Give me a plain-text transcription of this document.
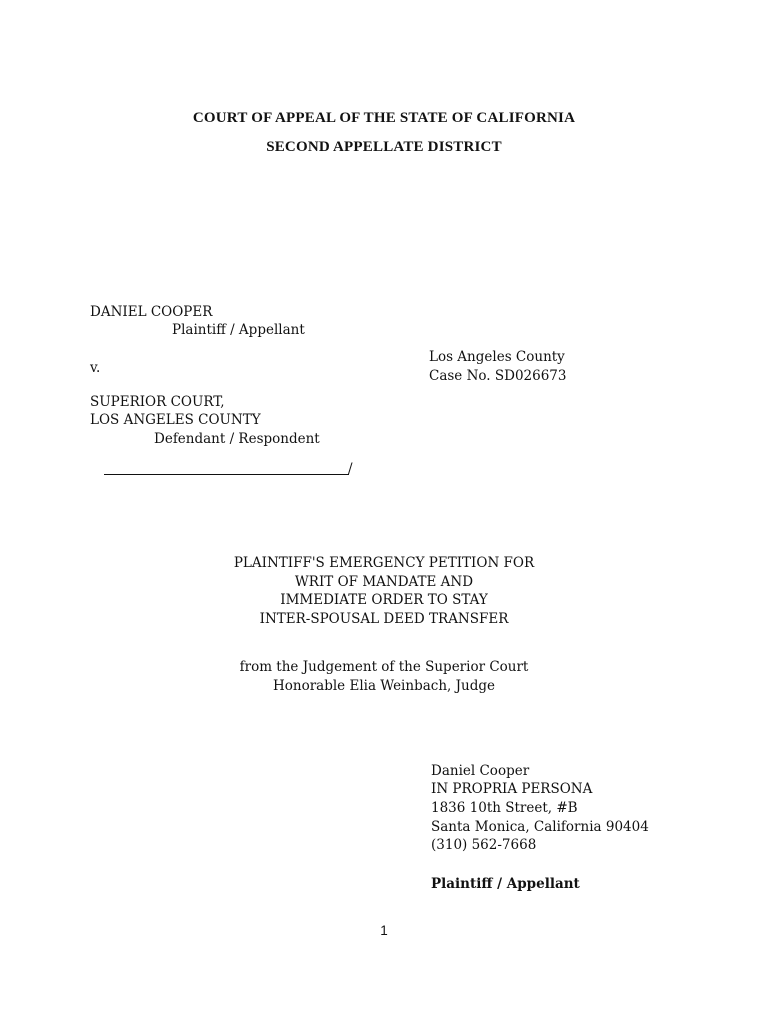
COURT OF APPEAL OF THE STATE OF CALIFORNIA
SECOND APPELLATE DISTRICT
DANIEL COOPER
Plaintiff / Appellant
v.
SUPERIOR COURT,
LOS ANGELES COUNTY
Defendant / Respondent
/
Los Angeles County
Case No. SD026673
PLAINTIFF'S EMERGENCY PETITION FOR
WRIT OF MANDATE AND
IMMEDIATE ORDER TO STAY
INTER-SPOUSAL DEED TRANSFER
from the Judgement of the Superior Court
Honorable Elia Weinbach, Judge
Daniel Cooper
IN PROPRIA PERSONA
1836 10th Street, #B
Santa Monica, California 90404
(310) 562-7668
Plaintiff / Appellant
1
